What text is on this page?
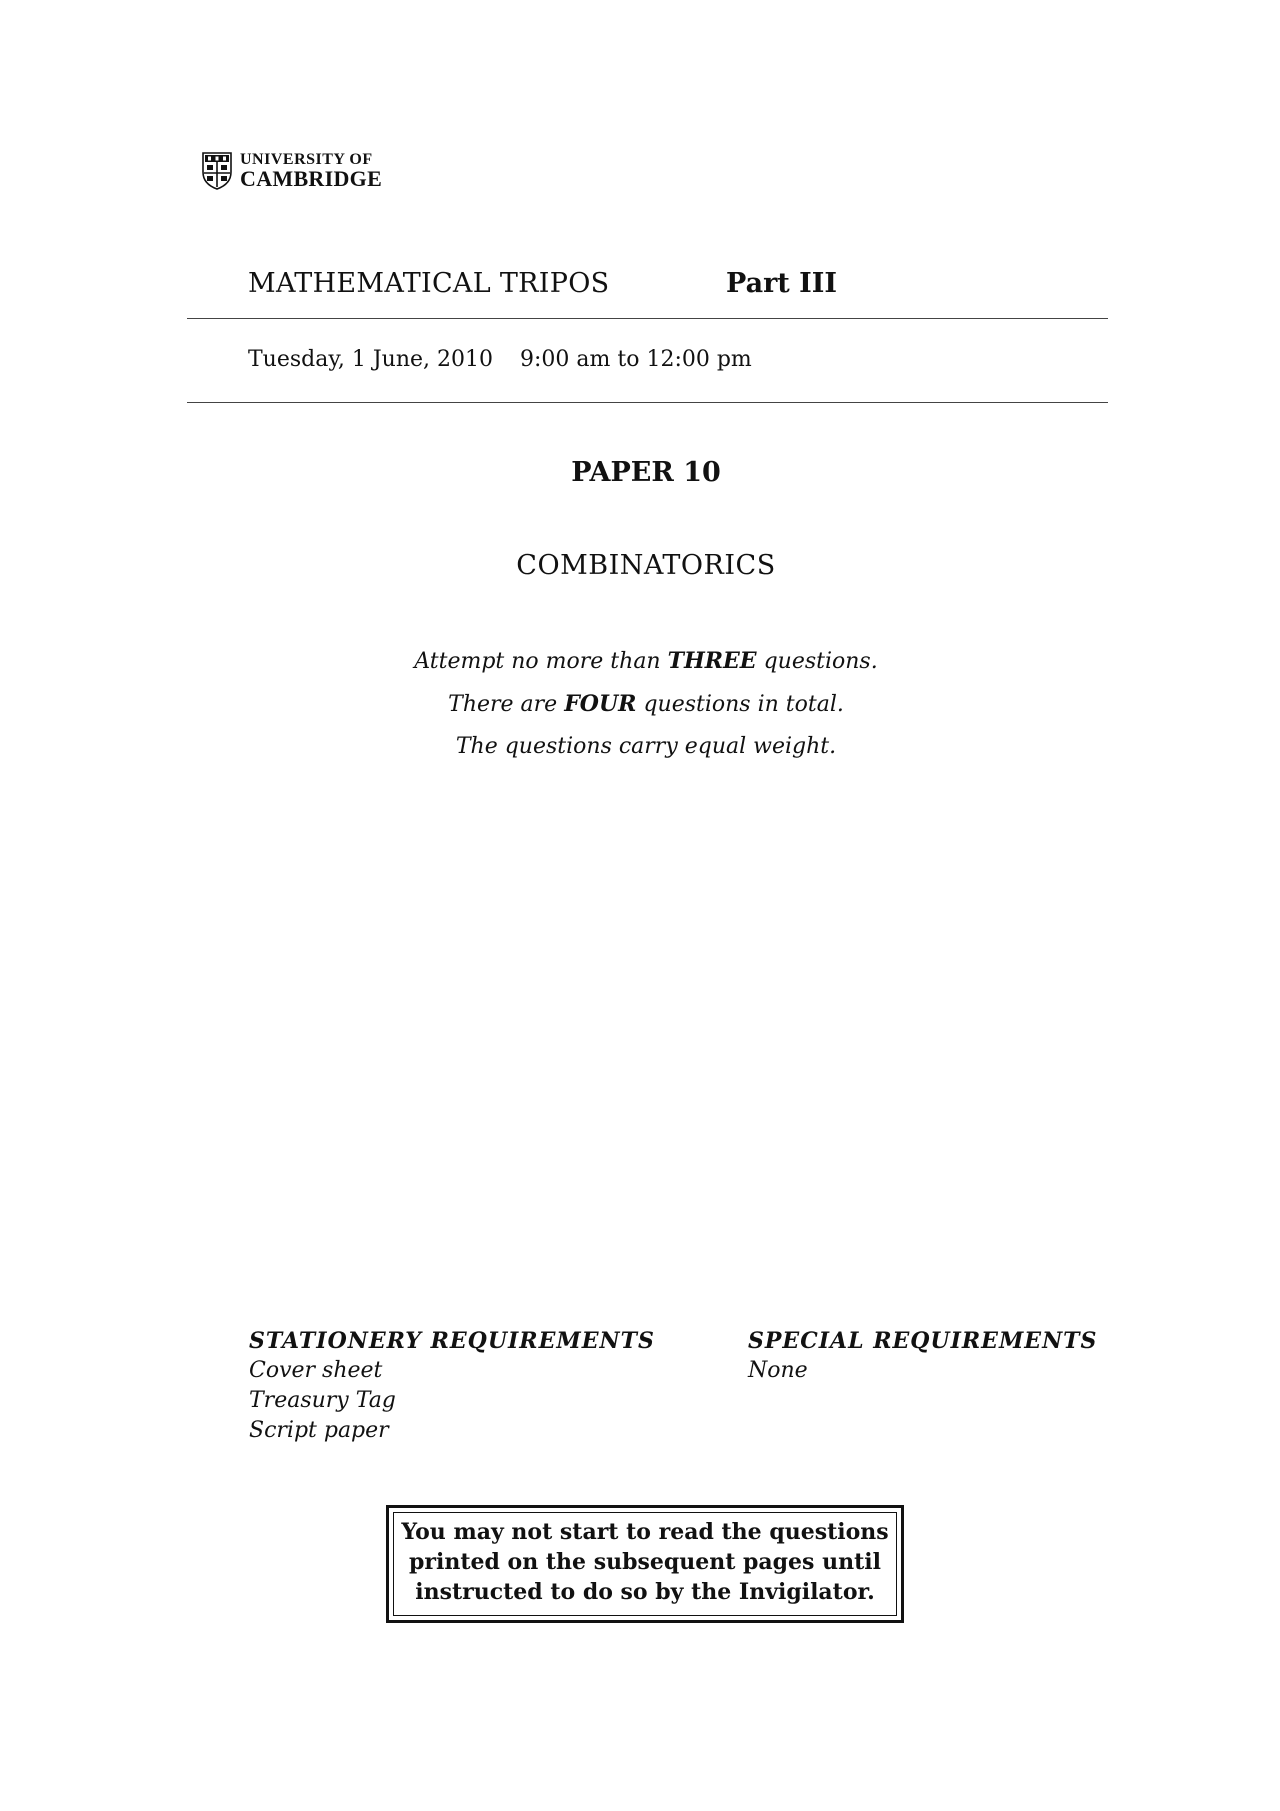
UNIVERSITY OF
CAMBRIDGE
MATHEMATICAL TRIPOS	Part III
Tuesday, 1 June, 2010 9:00 am to 12:00 pm
PAPER 10
COMBINATORICS
Attempt no more than THREE questions.
There are FOUR questions in total.
The questions carry equal weight.
STATIONERY REQUIREMENTS
Cover sheet
Treasury Tag
Script paper
SPECIAL REQUIREMENTS
None
You may not start to read the questions
printed on the subsequent pages until
instructed to do so by the Invigilator.
